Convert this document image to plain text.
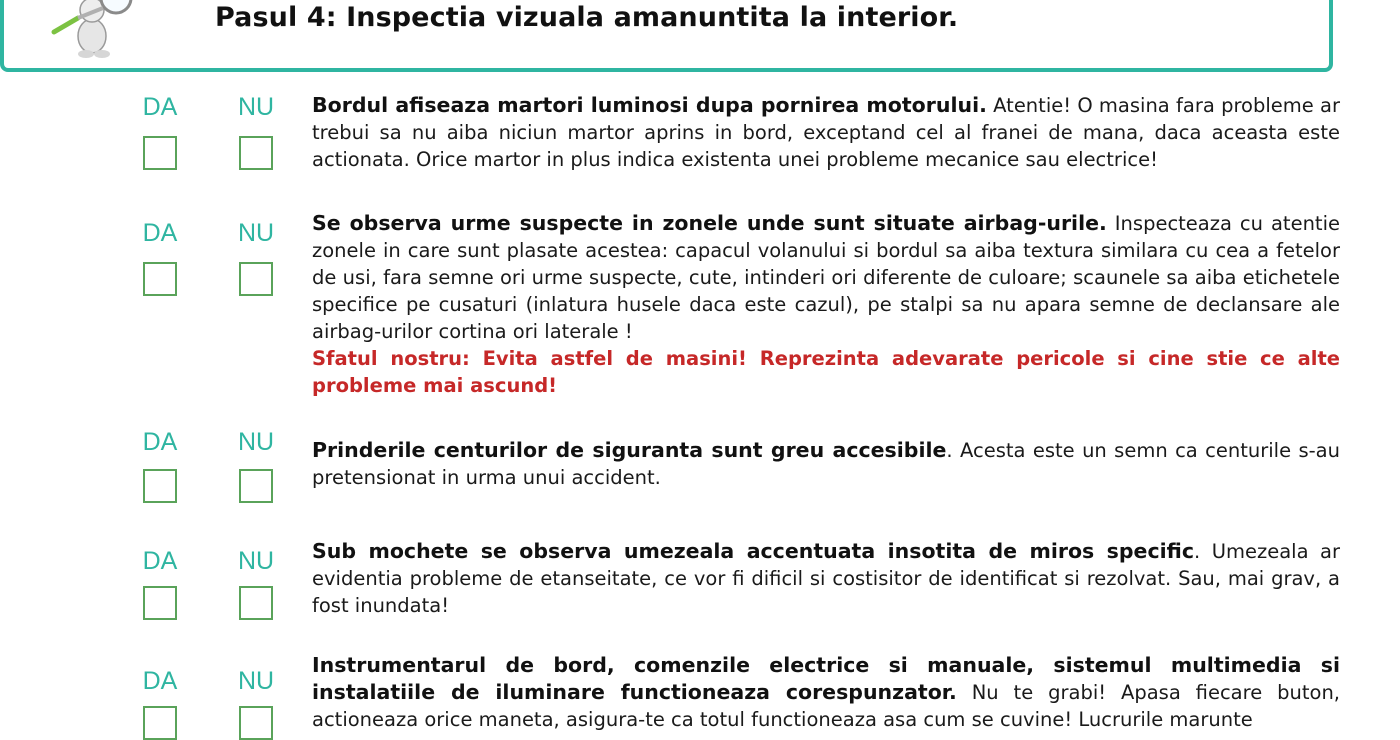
Pasul 4: Inspectia vizuala amanuntita la interior.
DA	NU	Bordul afiseaza martori luminosi dupa pornirea motorului. Atentie! O masina fara probleme ar trebui sa nu aiba niciun martor aprins in bord, exceptand cel al franei de mana, daca aceasta este actionata. Orice martor in plus indica existenta unei probleme mecanice sau electrice!
DA	NU	Se observa urme suspecte in zonele unde sunt situate airbag-urile. Inspecteaza cu atentie zonele in care sunt plasate acestea: capacul volanului si bordul sa aiba textura similara cu cea a fetelor de usi, fara semne ori urme suspecte, cute, intinderi ori diferente de culoare; scaunele sa aiba etichetele specifice pe cusaturi (inlatura husele daca este cazul), pe stalpi sa nu apara semne de declansare ale airbag-urilor cortina ori laterale !
Sfatul nostru: Evita astfel de masini! Reprezinta adevarate pericole si cine stie ce alte probleme mai ascund!
DA	NU	Prinderile centurilor de siguranta sunt greu accesibile. Acesta este un semn ca centurile s-au pretensionat in urma unui accident.
DA	NU	Sub mochete se observa umezeala accentuata insotita de miros specific. Umezeala ar evidentia probleme de etanseitate, ce vor fi dificil si costisitor de identificat si rezolvat. Sau, mai grav, a fost inundata!
DA	NU
Instrumentarul de bord, comenzile electrice si manuale, sistemul multimedia si instalatiile de iluminare functioneaza corespunzator. Nu te grabi! Apasa fiecare buton, actioneaza orice maneta, asigura-te ca totul functioneaza asa cum se cuvine! Lucrurile marunte
